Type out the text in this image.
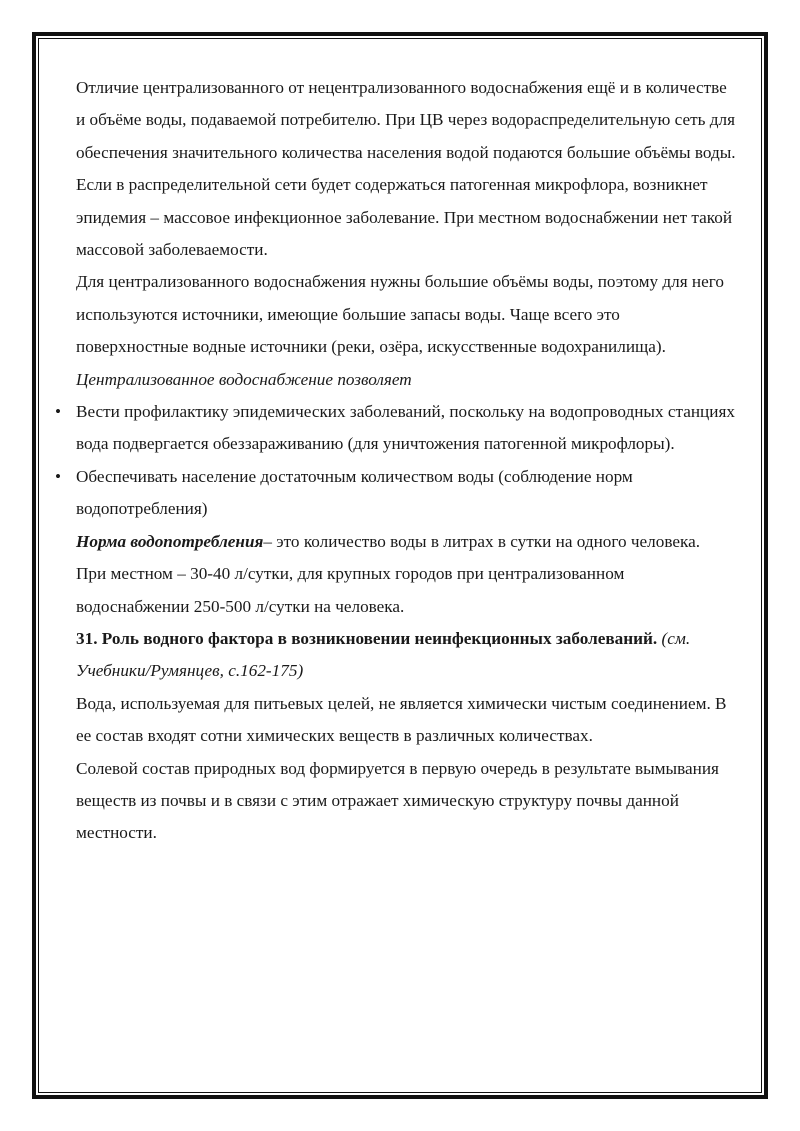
Отличие централизованного от нецентрализованного водоснабжения ещё и в количестве и объёме воды, подаваемой потребителю. При ЦВ через водораспределительную сеть для обеспечения значительного количества населения водой подаются большие объёмы воды. Если в распределительной сети будет содержаться патогенная микрофлора, возникнет эпидемия – массовое инфекционное заболевание. При местном водоснабжении нет такой массовой заболеваемости.

Для централизованного водоснабжения нужны большие объёмы воды, поэтому для него используются источники, имеющие большие запасы воды. Чаще всего это поверхностные водные источники (реки, озёра, искусственные водохранилища).

Централизованное водоснабжение позволяет

• Вести профилактику эпидемических заболеваний, поскольку на водопроводных станциях вода подвергается обеззараживанию (для уничтожения патогенной микрофлоры).
• Обеспечивать население достаточным количеством воды (соблюдение норм водопотребления)

Норма водопотребления– это количество воды в литрах в сутки на одного человека.

При местном – 30-40 л/сутки, для крупных городов при централизованном водоснабжении 250-500 л/сутки на человека.

31. Роль водного фактора в возникновении неинфекционных заболеваний. (см. Учебники/Румянцев, с.162-175)

Вода, используемая для питьевых целей, не является химически чистым соединением. В ее состав входят сотни химических веществ в различных количествах.

Солевой состав природных вод формируется в первую очередь в результате вымывания веществ из почвы и в связи с этим отражает химическую структуру почвы данной местности.
